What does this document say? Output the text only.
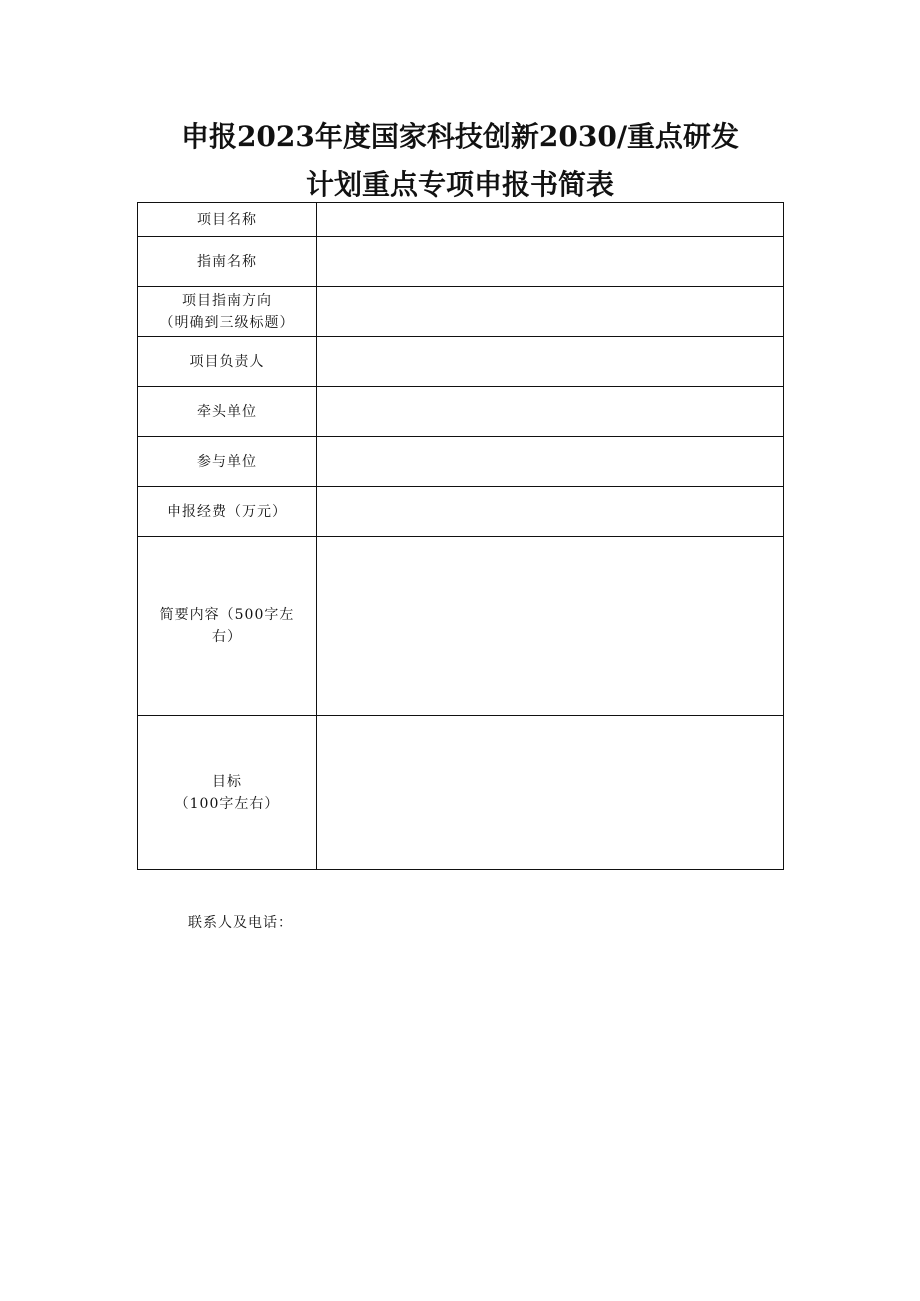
申报2023年度国家科技创新2030/重点研发
计划重点专项申报书简表
项目名称	

指南名称	

项目指南方向
（明确到三级标题）	

项目负责人	

牵头单位	

参与单位	

申报经费（万元）	

简要内容（500字左
右）	

目标
（100字左右）	

联系人及电话：
